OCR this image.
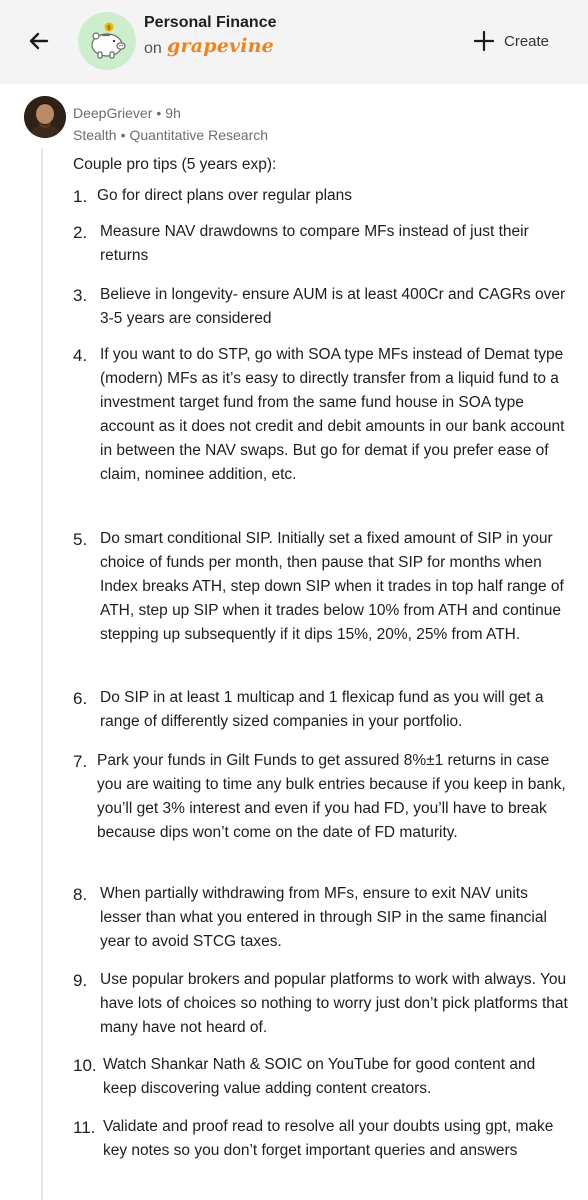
$ Personal Finance
on grapevine	Create
DeepGriever • 9h
Stealth • Quantitative Research
Couple pro tips (5 years exp):
1. Go for direct plans over regular plans
2. Measure NAV drawdowns to compare MFs instead of just their returns
3. Believe in longevity- ensure AUM is at least 400Cr and CAGRs over 3-5 years are considered
4. If you want to do STP, go with SOA type MFs instead of Demat type (modern) MFs as it’s easy to directly transfer from a liquid fund to a investment target fund from the same fund house in SOA type account as it does not credit and debit amounts in our bank account in between the NAV swaps. But go for demat if you prefer ease of claim, nominee addition, etc.
5. Do smart conditional SIP. Initially set a fixed amount of SIP in your choice of funds per month, then pause that SIP for months when Index breaks ATH, step down SIP when it trades in top half range of ATH, step up SIP when it trades below 10% from ATH and continue stepping up subsequently if it dips 15%, 20%, 25% from ATH.
6. Do SIP in at least 1 multicap and 1 flexicap fund as you will get a range of differently sized companies in your portfolio.
7. Park your funds in Gilt Funds to get assured 8%±1 returns in case you are waiting to time any bulk entries because if you keep in bank, you’ll get 3% interest and even if you had FD, you’ll have to break because dips won’t come on the date of FD maturity.
8. When partially withdrawing from MFs, ensure to exit NAV units lesser than what you entered in through SIP in the same financial year to avoid STCG taxes.
9. Use popular brokers and popular platforms to work with always. You have lots of choices so nothing to worry just don’t pick platforms that many have not heard of.
10. Watch Shankar Nath & SOIC on YouTube for good content and keep discovering value adding content creators.
11. Validate and proof read to resolve all your doubts using gpt, make key notes so you don’t forget important queries and answers
